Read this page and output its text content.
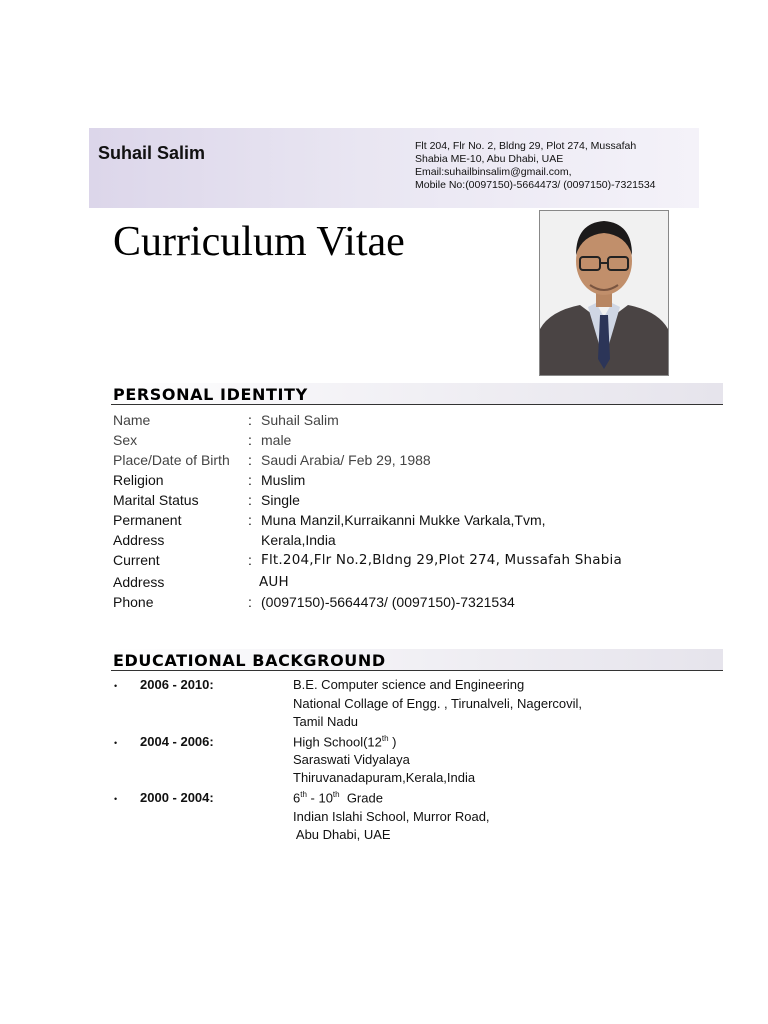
Suhail Salim	Flt 204, Flr No. 2, Bldng 29, Plot 274, Mussafah
Shabia ME-10, Abu Dhabi, UAE
Email:suhailbinsalim@gmail.com,
Mobile No:(0097150)-5664473/ (0097150)-7321534
Curriculum Vitae
PERSONAL IDENTITY
Name	: Suhail Salim
Sex	: male
Place/Date of Birth : Saudi Arabia/ Feb 29, 1988
Religion	: Muslim
Marital Status	: Single
Permanent	: Muna Manzil,Kurraikanni Mukke Varkala,Tvm,
Address	Kerala,India
Current	: Flt.204,Flr No.2,Bldng 29,Plot 274, Mussafah Shabia
Address	AUH
Phone	: (0097150)-5664473/ (0097150)-7321534
EDUCATIONAL BACKGROUND
• 2006 - 2010:	B.E. Computer science and Engineering
National Collage of Engg. , Tirunalveli, Nagercovil,
Tamil Nadu
• 2004 - 2006:	High School(12th )
Saraswati Vidyalaya
Thiruvanadapuram,Kerala,India
• 2000 - 2004:	6th - 10th  Grade
Indian Islahi School, Murror Road,
Abu Dhabi, UAE
